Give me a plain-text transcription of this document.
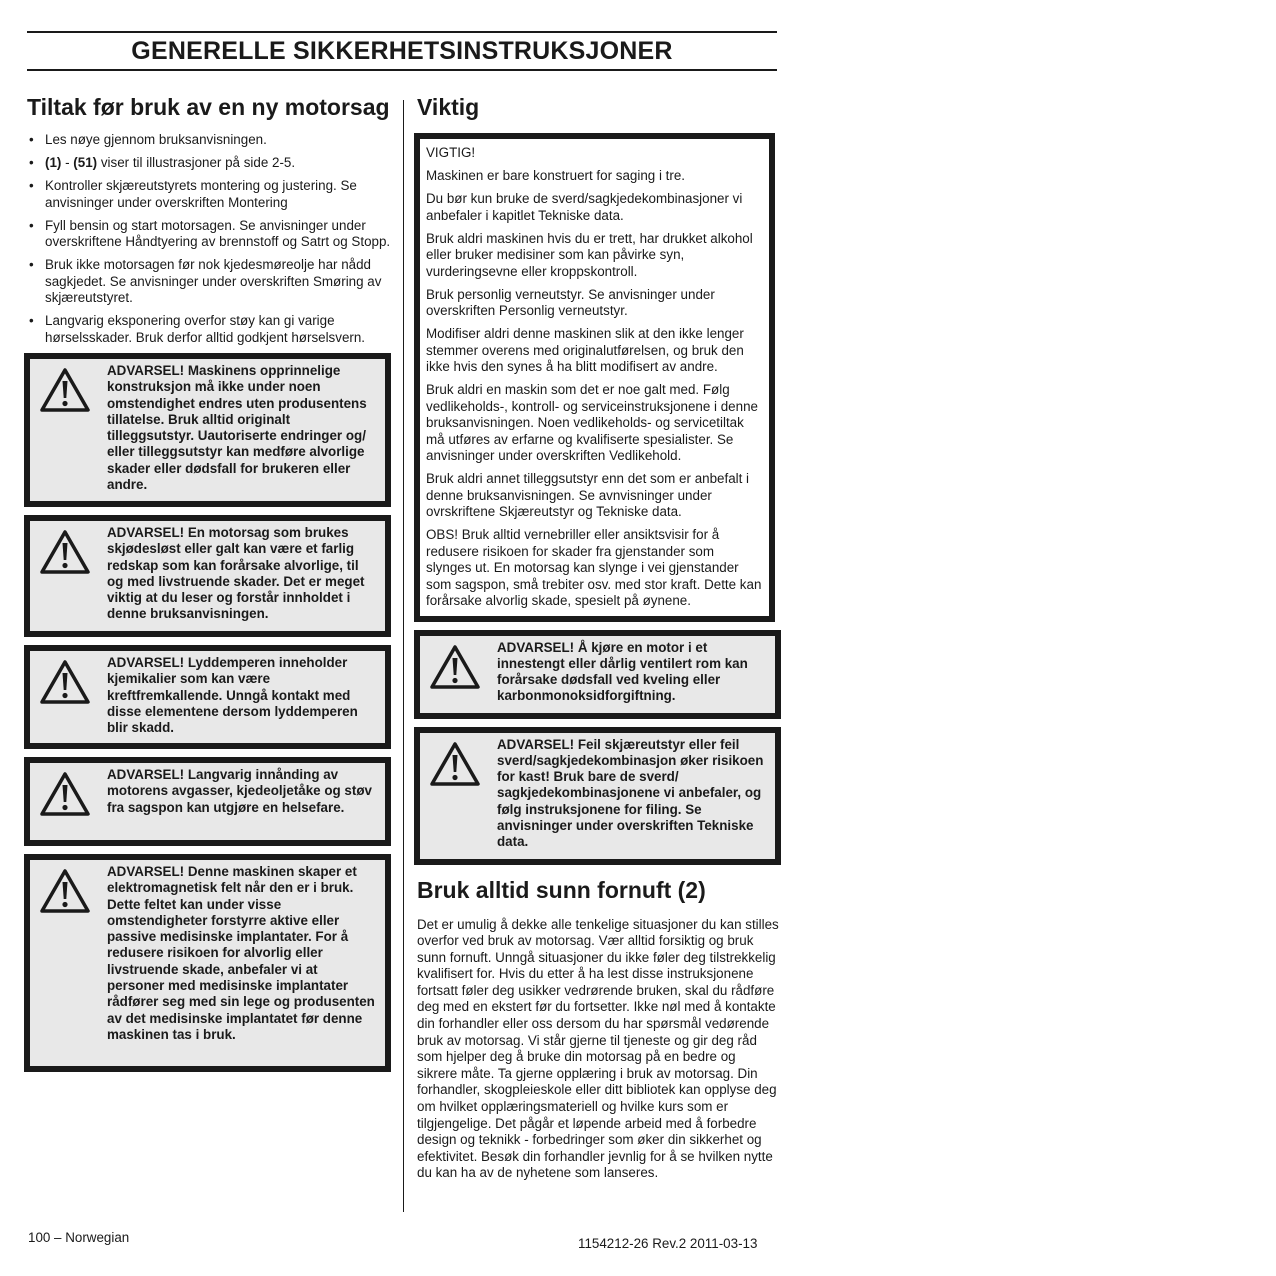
GENERELLE SIKKERHETSINSTRUKSJONER
Tiltak før bruk av en ny motorsag
• Les nøye gjennom bruksanvisningen.
• (1) - (51) viser til illustrasjoner på side 2-5.
• Kontroller skjæreutstyrets montering og justering. Se anvisninger under overskriften Montering
• Fyll bensin og start motorsagen. Se anvisninger under overskriftene Håndtyering av brennstoff og Satrt og Stopp.
• Bruk ikke motorsagen før nok kjedesmøreolje har nådd sagkjedet. Se anvisninger under overskriften Smøring av skjæreutstyret.
• Langvarig eksponering overfor støy kan gi varige hørselsskader. Bruk derfor alltid godkjent hørselsvern.

ADVARSEL! Maskinens opprinnelige konstruksjon må ikke under noen omstendighet endres uten produsentens tillatelse. Bruk alltid originalt tilleggsutstyr. Uautoriserte endringer og/ eller tilleggsutstyr kan medføre alvorlige skader eller dødsfall for brukeren eller andre.

ADVARSEL! En motorsag som brukes skjødesløst eller galt kan være et farlig redskap som kan forårsake alvorlige, til og med livstruende skader. Det er meget viktig at du leser og forstår innholdet i denne bruksanvisningen.

ADVARSEL! Lyddemperen inneholder kjemikalier som kan være kreftfremkallende. Unngå kontakt med disse elementene dersom lyddemperen blir skadd.

ADVARSEL! Langvarig innånding av motorens avgasser, kjedeoljetåke og støv fra sagspon kan utgjøre en helsefare.

ADVARSEL! Denne maskinen skaper et elektromagnetisk felt når den er i bruk. Dette feltet kan under visse omstendigheter forstyrre aktive eller passive medisinske implantater. For å redusere risikoen for alvorlig eller livstruende skade, anbefaler vi at personer med medisinske implantater rådfører seg med sin lege og produsenten av det medisinske implantatet før denne maskinen tas i bruk.

Viktig

VIGTIG!

Maskinen er bare konstruert for saging i tre.

Du bør kun bruke de sverd/sagkjedekombinasjoner vi anbefaler i kapitlet Tekniske data.

Bruk aldri maskinen hvis du er trett, har drukket alkohol eller bruker medisiner som kan påvirke syn, vurderingsevne eller kroppskontroll.

Bruk personlig verneutstyr. Se anvisninger under overskriften Personlig verneutstyr.

Modifiser aldri denne maskinen slik at den ikke lenger stemmer overens med originalutførelsen, og bruk den ikke hvis den synes å ha blitt modifisert av andre.

Bruk aldri en maskin som det er noe galt med. Følg vedlikeholds-, kontroll- og serviceinstruksjonene i denne bruksanvisningen. Noen vedlikeholds- og servicetiltak må utføres av erfarne og kvalifiserte spesialister. Se anvisninger under overskriften Vedlikehold.

Bruk aldri annet tilleggsutstyr enn det som er anbefalt i denne bruksanvisningen. Se avnvisninger under ovrskriftene Skjæreutstyr og Tekniske data.

OBS! Bruk alltid vernebriller eller ansiktsvisir for å redusere risikoen for skader fra gjenstander som slynges ut. En motorsag kan slynge i vei gjenstander som sagspon, små trebiter osv. med stor kraft. Dette kan forårsake alvorlig skade, spesielt på øynene.

ADVARSEL! Å kjøre en motor i et innestengt eller dårlig ventilert rom kan forårsake dødsfall ved kveling eller karbonmonoksidforgiftning.

ADVARSEL! Feil skjæreutstyr eller feil sverd/sagkjedekombinasjon øker risikoen for kast! Bruk bare de sverd/ sagkjedekombinasjonene vi anbefaler, og følg instruksjonene for filing. Se anvisninger under overskriften Tekniske data.

Bruk alltid sunn fornuft (2)

Det er umulig å dekke alle tenkelige situasjoner du kan stilles overfor ved bruk av motorsag. Vær alltid forsiktig og bruk sunn fornuft. Unngå situasjoner du ikke føler deg tilstrekkelig kvalifisert for. Hvis du etter å ha lest disse instruksjonene fortsatt føler deg usikker vedrørende bruken, skal du rådføre deg med en ekstert før du fortsetter. Ikke nøl med å kontakte din forhandler eller oss dersom du har spørsmål vedørende bruk av motorsag. Vi står gjerne til tjeneste og gir deg råd som hjelper deg å bruke din motorsag på en bedre og sikrere måte. Ta gjerne opplæring i bruk av motorsag. Din forhandler, skogpleieskole eller ditt bibliotek kan opplyse deg om hvilket opplæringsmateriell og hvilke kurs som er tilgjengelige. Det pågår et løpende arbeid med å forbedre design og teknikk - forbedringer som øker din sikkerhet og efektivitet. Besøk din forhandler jevnlig for å se hvilken nytte du kan ha av de nyhetene som lanseres.

100 – Norwegian	1154212-26 Rev.2 2011-03-13
